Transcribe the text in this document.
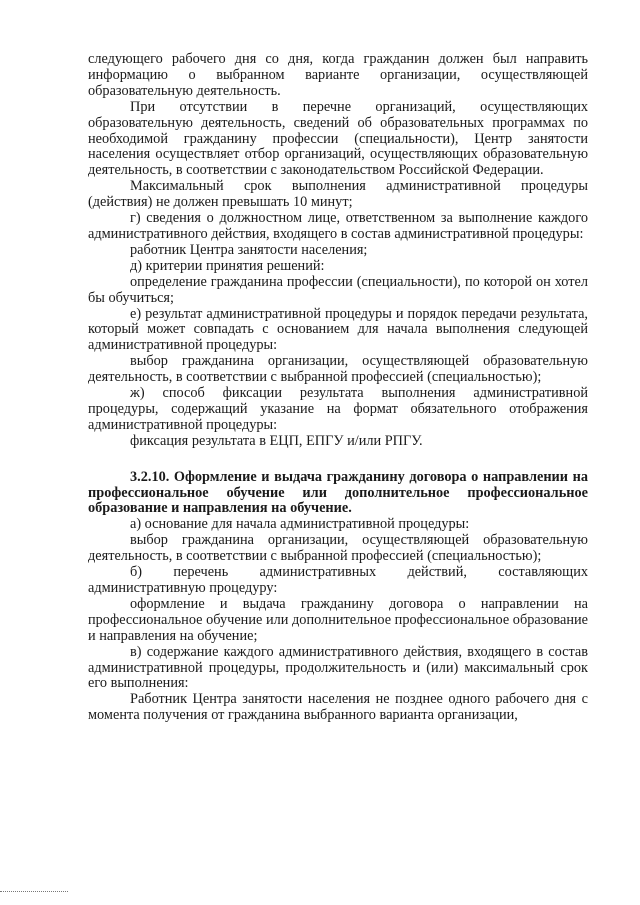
следующего рабочего дня со дня, когда гражданин должен был направить информацию о выбранном варианте организации, осуществляющей образовательную деятельность.

При отсутствии в перечне организаций, осуществляющих образовательную деятельность, сведений об образовательных программах по необходимой гражданину профессии (специальности), Центр занятости населения осуществляет отбор организаций, осуществляющих образовательную деятельность, в соответствии с законодательством Российской Федерации.

Максимальный срок выполнения административной процедуры (действия) не должен превышать 10 минут;

г) сведения о должностном лице, ответственном за выполнение каждого административного действия, входящего в состав административной процедуры:

работник Центра занятости населения;

д) критерии принятия решений:

определение гражданина профессии (специальности), по которой он хотел бы обучиться;

е) результат административной процедуры и порядок передачи результата, который может совпадать с основанием для начала выполнения следующей административной процедуры:

выбор гражданина организации, осуществляющей образовательную деятельность, в соответствии с выбранной профессией (специальностью);

ж) способ фиксации результата выполнения административной процедуры, содержащий указание на формат обязательного отображения административной процедуры:

фиксация результата в ЕЦП, ЕПГУ и/или РПГУ.

3.2.10. Оформление и выдача гражданину договора о направлении на профессиональное обучение или дополнительное профессиональное образование и направления на обучение.

а) основание для начала административной процедуры:

выбор гражданина организации, осуществляющей образовательную деятельность, в соответствии с выбранной профессией (специальностью);

б) перечень административных действий, составляющих административную процедуру:

оформление и выдача гражданину договора о направлении на профессиональное обучение или дополнительное профессиональное образование и направления на обучение;

в) содержание каждого административного действия, входящего в состав административной процедуры, продолжительность и (или) максимальный срок его выполнения:

Работник Центра занятости населения не позднее одного рабочего дня с момента получения от гражданина выбранного варианта организации,
